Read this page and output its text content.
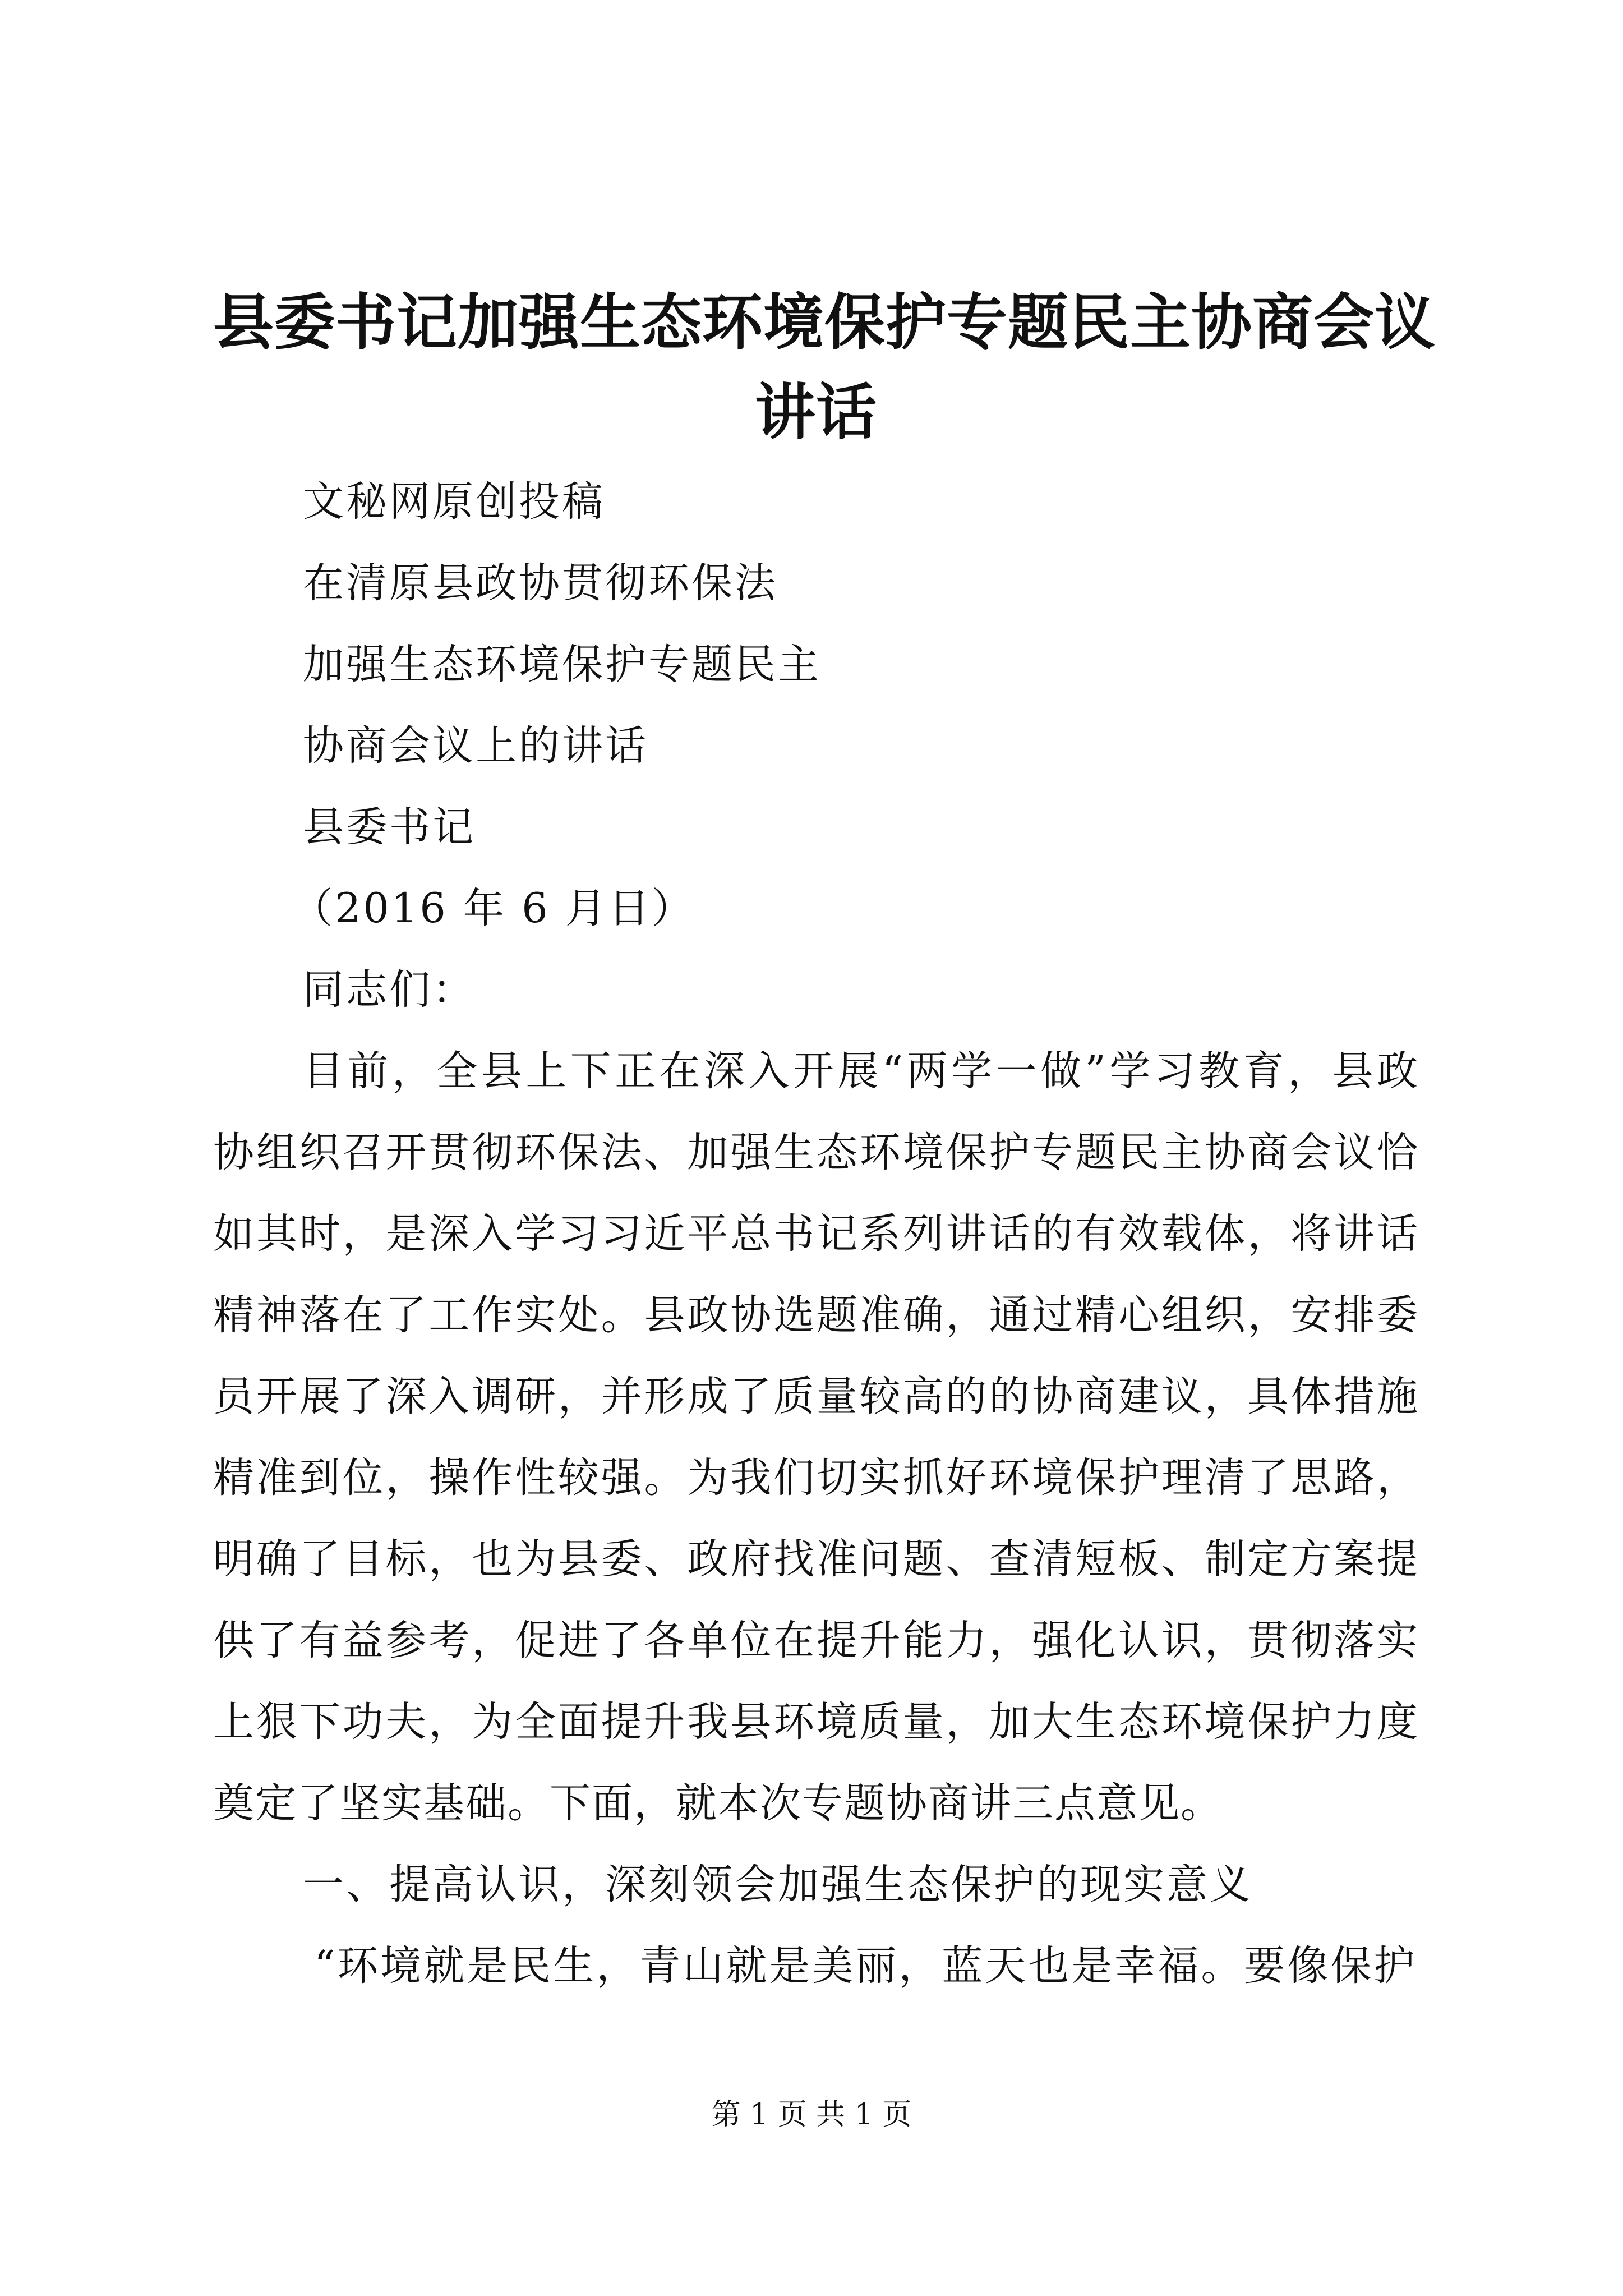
县委书记加强生态环境保护专题民主协商会议
讲话
文秘网原创投稿
在清原县政协贯彻环保法
加强生态环境保护专题民主
协商会议上的讲话
县委书记
（2016 年 6 月日）
同志们：
目前，全县上下正在深入开展“两学一做”学习教育，县政
协组织召开贯彻环保法、加强生态环境保护专题民主协商会议恰
如其时，是深入学习习近平总书记系列讲话的有效载体，将讲话
精神落在了工作实处。县政协选题准确，通过精心组织，安排委
员开展了深入调研，并形成了质量较高的的协商建议，具体措施
精准到位，操作性较强。为我们切实抓好环境保护理清了思路，
明确了目标，也为县委、政府找准问题、查清短板、制定方案提
供了有益参考，促进了各单位在提升能力，强化认识，贯彻落实
上狠下功夫，为全面提升我县环境质量，加大生态环境保护力度
奠定了坚实基础。下面，就本次专题协商讲三点意见。
一、提高认识，深刻领会加强生态保护的现实意义
“环境就是民生，青山就是美丽，蓝天也是幸福。要像保护
第 1 页 共 1 页
